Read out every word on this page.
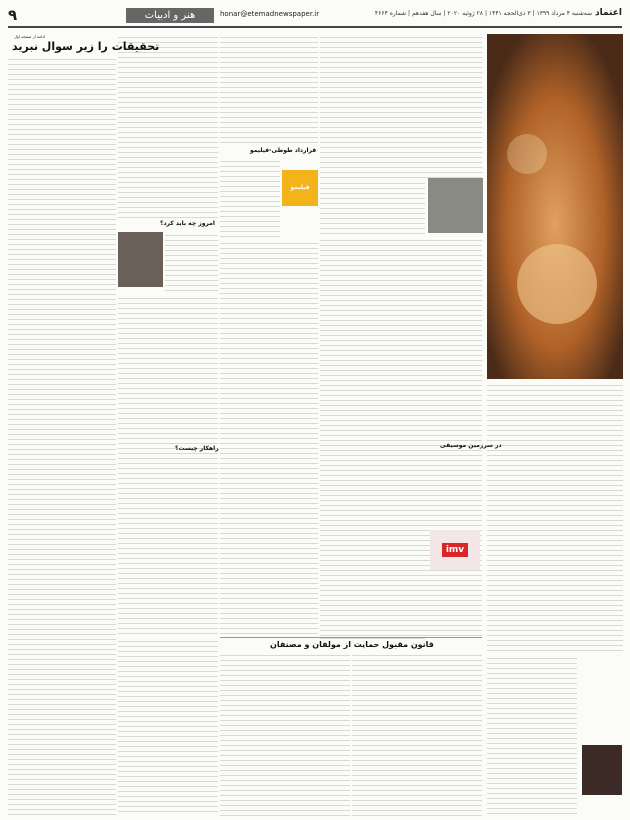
۹	هنر و ادبیات	honar@etemadnewspaper.ir	سه‌شنبه ۴ مرداد ۱۳۹۹ | ۳ ذی‌الحجه ۱۴۴۱ | ۲۸ ژوئیه ۲۰۲۰ | سال هفدهم | شماره ۴۶۶۴ اعتماد
در سرزمین موسیقی
imv
قرارداد طوطی-فیلیمو
فیلیمو
امروز چه باید کرد؟
راهکار چیست؟
ادامه از صفحه اول
تحقیقات را زیر سوال نبرید
قانون مقبول حمایت از مولفان و مصنفان
